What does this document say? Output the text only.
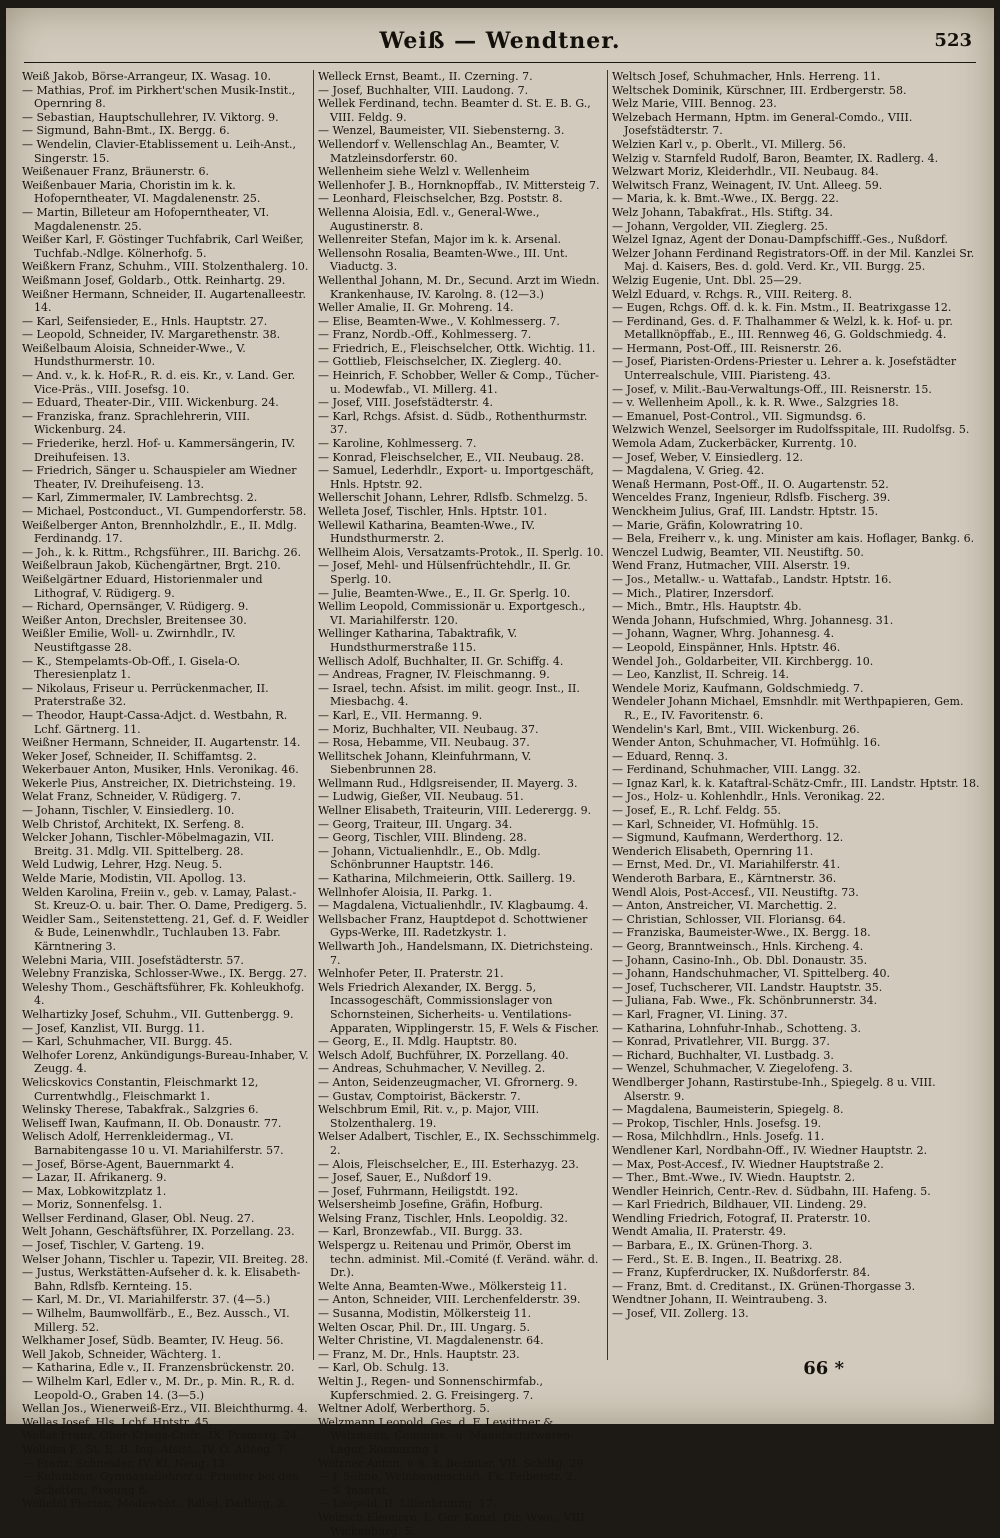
Weiß — Wendtner.	523

Weiß Jakob, Börse-Arrangeur, IX. Wasag. 10.

— Mathias, Prof. im Pirkhert'schen Musik-Instit., Opernring 8.

— Sebastian, Hauptschullehrer, IV. Viktorg. 9.

— Sigmund, Bahn-Bmt., IX. Bergg. 6.

— Wendelin, Clavier-Etablissement u. Leih-Anst., Singerstr. 15.

Weißenauer Franz, Bräunerstr. 6.

Weißenbauer Maria, Choristin im k. k. Hofoperntheater, VI. Magdalenenstr. 25.

— Martin, Billeteur am Hofoperntheater, VI. Magdalenenstr. 25.

Weißer Karl, F. Göstinger Tuchfabrik, Carl Weißer, Tuchfab.-Ndlge. Kölnerhofg. 5.

Weißkern Franz, Schuhm., VIII. Stolzenthalerg. 10.

Weißmann Josef, Goldarb., Ottk. Reinhartg. 29.

Weißner Hermann, Schneider, II. Augartenalleestr. 14.

— Karl, Seifensieder, E., Hnls. Hauptstr. 27.

— Leopold, Schneider, IV. Margarethenstr. 38.

Weißelbaum Aloisia, Schneider-Wwe., V. Hundsthurmerstr. 10.

— And. v., k. k. Hof-R., R. d. eis. Kr., v. Land. Ger. Vice-Präs., VIII. Josefsg. 10.

— Eduard, Theater-Dir., VIII. Wickenburg. 24.

— Franziska, franz. Sprachlehrerin, VIII. Wickenburg. 24.

— Friederike, herzl. Hof- u. Kammersängerin, IV. Dreihufeisen. 13.

— Friedrich, Sänger u. Schauspieler am Wiedner Theater, IV. Dreihufeiseng. 13.

— Karl, Zimmermaler, IV. Lambrechtsg. 2.

— Michael, Postconduct., VI. Gumpendorferstr. 58.

Weißelberger Anton, Brennholzhdlr., E., II. Mdlg. Ferdinandg. 17.

— Joh., k. k. Rittm., Rchgsführer., III. Barichg. 26.

Weißelbraun Jakob, Küchengärtner, Brgt. 210.

Weißelgärtner Eduard, Historienmaler und Lithograf, V. Rüdigerg. 9.

— Richard, Opernsänger, V. Rüdigerg. 9.

Weißer Anton, Drechsler, Breitensee 30.

Weißler Emilie, Woll- u. Zwirnhdlr., IV. Neustiftgasse 28.

— K., Stempelamts-Ob-Off., I. Gisela-O. Theresienplatz 1.

— Nikolaus, Friseur u. Perrückenmacher, II. Praterstraße 32.

— Theodor, Haupt-Cassa-Adjct. d. Westbahn, R. Lchf. Gärtnerg. 11.

Weißner Hermann, Schneider, II. Augartenstr. 14.

Weker Josef, Schneider, II. Schiffamtsg. 2.

Wekerbauer Anton, Musiker, Hnls. Veronikag. 46.

Wekerle Pius, Anstreicher, IX. Dietrichsteing. 19.

Welat Franz, Schneider, V. Rüdigerg. 7.

— Johann, Tischler, V. Einsiedlerg. 10.

Welb Christof, Architekt, IX. Serfeng. 8.

Welcker Johann, Tischler-Möbelmagazin, VII. Breitg. 31. Mdlg. VII. Spittelberg. 28.

Weld Ludwig, Lehrer, Hzg. Neug. 5.

Welde Marie, Modistin, VII. Apollog. 13.

Welden Karolina, Freiin v., geb. v. Lamay, Palast.-St. Kreuz-O. u. bair. Ther. O. Dame, Predigerg. 5.

Weidler Sam., Seitenstetteng. 21, Gef. d. F. Weidler & Bude, Leinenwhdlr., Tuchlauben 13. Fabr. Kärntnering 3.

Welebni Maria, VIII. Josefstädterstr. 57.

Welebny Franziska, Schlosser-Wwe., IX. Bergg. 27.

Weleshy Thom., Geschäftsführer, Fk. Kohleukhofg. 4.

Welhartizky Josef, Schuhm., VII. Guttenbergg. 9.

— Josef, Kanzlist, VII. Burgg. 11.

— Karl, Schuhmacher, VII. Burgg. 45.

Welhofer Lorenz, Ankündigungs-Bureau-Inhaber, V. Zeugg. 4.

Welicskovics Constantin, Fleischmarkt 12, Currentwhdlg., Fleischmarkt 1.

Welinsky Therese, Tabakfrak., Salzgries 6.

Weliseff Iwan, Kaufmann, II. Ob. Donaustr. 77.

Welisch Adolf, Herrenkleidermag., VI. Barnabitengasse 10 u. VI. Mariahilferstr. 57.

— Josef, Börse-Agent, Bauernmarkt 4.

— Lazar, II. Afrikanerg. 9.

— Max, Lobkowitzplatz 1.

— Moriz, Sonnenfelsg. 1.

Wellser Ferdinand, Glaser, Obl. Neug. 27.

Welt Johann, Geschäftsführer, IX. Porzellang. 23.

— Josef, Tischler, V. Garteng. 19.

Welser Johann, Tischler u. Tapezir, VII. Breiteg. 28.

— Justus, Werkstätten-Aufseher d. k. k. Elisabeth-Bahn, Rdlsfb. Kernteing. 15.

— Karl, M. Dr., VI. Mariahilferstr. 37. (4—5.)

— Wilhelm, Baumwollfärb., E., Bez. Aussch., VI. Millerg. 52.

Welkhamer Josef, Südb. Beamter, IV. Heug. 56.

Well Jakob, Schneider, Wächterg. 1.

— Katharina, Edle v., II. Franzensbrückenstr. 20.

— Wilhelm Karl, Edler v., M. Dr., p. Min. R., R. d. Leopold-O., Graben 14. (3—5.)

Wellan Jos., Wienerweiß-Erz., VII. Bleichthurmg. 4.

Wellas Josef, Hls. Lchf. Hptstr. 45.

Wellat Franz, Ober-Kriegs-Cmfr., IX. Pramerg. 24.

Welleba F., St. E. B. Ing.-Afsist., IV. Ö. Alleeg. 7.

— Franz, Schneider, IV. Kl. Neug. 12.

— Kolumban, Gymnasiallehrer u. Priester bei den Schotten, Freiung 6.

Wellebil Florian, Modewbkt., Rdlsd. Dadlerg. 3.

Welleck Ernst, Beamt., II. Czerning. 7.

— Josef, Buchhalter, VIII. Laudong. 7.

Wellek Ferdinand, techn. Beamter d. St. E. B. G., VIII. Feldg. 9.

— Wenzel, Baumeister, VII. Siebensterng. 3.

Wellendorf v. Wellenschlag An., Beamter, V. Matzleinsdorferstr. 60.

Wellenheim siehe Welzl v. Wellenheim

Wellenhofer J. B., Hornknopffab., IV. Mittersteig 7.

— Leonhard, Fleischselcher, Bzg. Poststr. 8.

Wellenna Aloisia, Edl. v., General-Wwe., Augustinerstr. 8.

Wellenreiter Stefan, Major im k. k. Arsenal.

Wellensohn Rosalia, Beamten-Wwe., III. Unt. Viaductg. 3.

Wellenthal Johann, M. Dr., Secund. Arzt im Wiedn. Krankenhause, IV. Karolng. 8. (12—3.)

Weller Amalie, II. Gr. Mohreng. 14.

— Elise, Beamten-Wwe., V. Kohlmesserg. 7.

— Franz, Nordb.-Off., Kohlmesserg. 7.

— Friedrich, E., Fleischselcher, Ottk. Wichtig. 11.

— Gottlieb, Fleischselcher, IX. Zieglerg. 40.

— Heinrich, F. Schobber, Weller & Comp., Tücher-u. Modewfab., VI. Millerg. 41.

— Josef, VIII. Josefstädterstr. 4.

— Karl, Rchgs. Afsist. d. Südb., Rothenthurmstr. 37.

— Karoline, Kohlmesserg. 7.

— Konrad, Fleischselcher, E., VII. Neubaug. 28.

— Samuel, Lederhdlr., Export- u. Importgeschäft, Hnls. Hptstr. 92.

Wellerschit Johann, Lehrer, Rdlsfb. Schmelzg. 5.

Welleta Josef, Tischler, Hnls. Hptstr. 101.

Wellewil Katharina, Beamten-Wwe., IV. Hundsthurmerstr. 2.

Wellheim Alois, Versatzamts-Protok., II. Sperlg. 10.

— Josef, Mehl- und Hülsenfrüchtehdlr., II. Gr. Sperlg. 10.

— Julie, Beamten-Wwe., E., II. Gr. Sperlg. 10.

Wellim Leopold, Commissionär u. Exportgesch., VI. Mariahilferstr. 120.

Wellinger Katharina, Tabaktrafik, V. Hundsthurmerstraße 115.

Wellisch Adolf, Buchhalter, II. Gr. Schiffg. 4.

— Andreas, Fragner, IV. Fleischmanng. 9.

— Israel, techn. Afsist. im milit. geogr. Inst., II. Miesbachg. 4.

— Karl, E., VII. Hermanng. 9.

— Moriz, Buchhalter, VII. Neubaug. 37.

— Rosa, Hebamme, VII. Neubaug. 37.

Wellitschek Johann, Kleinfuhrmann, V. Siebenbrunnen 28.

Wellmann Rud., Hdlgsreisender, II. Mayerg. 3.

— Ludwig, Gießer, VII. Neubaug. 51.

Wellner Elisabeth, Traiteurin, VIII. Lederergg. 9.

— Georg, Traiteur, III. Ungarg. 34.

— Georg, Tischler, VIII. Blindeng. 28.

— Johann, Victualienhdlr., E., Ob. Mdlg. Schönbrunner Hauptstr. 146.

— Katharina, Milchmeierin, Ottk. Saillerg. 19.

Wellnhofer Aloisia, II. Parkg. 1.

— Magdalena, Victualienhdlr., IV. Klagbaumg. 4.

Wellsbacher Franz, Hauptdepot d. Schottwiener Gyps-Werke, III. Radetzkystr. 1.

Wellwarth Joh., Handelsmann, IX. Dietrichsteing. 7.

Welnhofer Peter, II. Praterstr. 21.

Wels Friedrich Alexander, IX. Bergg. 5, Incassogeschäft, Commissionslager von Schornsteinen, Sicherheits- u. Ventilations-Apparaten, Wipplingerstr. 15, F. Wels & Fischer.

— Georg, E., II. Mdlg. Hauptstr. 80.

Welsch Adolf, Buchführer, IX. Porzellang. 40.

— Andreas, Schuhmacher, V. Nevilleg. 2.

— Anton, Seidenzeugmacher, VI. Gfrornerg. 9.

— Gustav, Comptoirist, Bäckerstr. 7.

Welschbrum Emil, Rit. v., p. Major, VIII. Stolzenthalerg. 19.

Welser Adalbert, Tischler, E., IX. Sechsschimmelg. 2.

— Alois, Fleischselcher, E., III. Esterhazyg. 23.

— Josef, Sauer, E., Nußdorf 19.

— Josef, Fuhrmann, Heiligstdt. 192.

Welsersheimb Josefine, Gräfin, Hofburg.

Welsing Franz, Tischler, Hnls. Leopoldig. 32.

— Karl, Bronzewfab., VII. Burgg. 33.

Welspergz u. Reitenau und Primör, Oberst im techn. administ. Mil.-Comité (f. Veränd. währ. d. Dr.).

Welte Anna, Beamten-Wwe., Mölkersteig 11.

— Anton, Schneider, VIII. Lerchenfelderstr. 39.

— Susanna, Modistin, Mölkersteig 11.

Welten Oscar, Phil. Dr., III. Ungarg. 5.

Welter Christine, VI. Magdalenenstr. 64.

— Franz, M. Dr., Hnls. Hauptstr. 23.

— Karl, Ob. Schulg. 13.

Weltin J., Regen- und Sonnenschirmfab., Kupferschmied. 2. G. Freisingerg. 7.

Weltner Adolf, Werberthorg. 5.

Welzmann Leopold, Ges. d. F. Lewittner & Welzmann, Commiss.- u. Manufacturwaren-Lager, Rosmaring 1.

Welzner Anton, v. k. k. Beamter, VII. Schiltg. 29.

— J. Söhne, Weinbaugeschäft, Fk. Felberstr. 2.

— S. Inserat.

— Leopold, II. Lilienbrunng. 17.

Welzsch Eleonore, L. Ger. Kanzl. Dir. Wwe., VIII. Wickenburg. 5.

Weltsch Josef, Schuhmacher, Hnls. Herreng. 11.

Weltschek Dominik, Kürschner, III. Erdbergerstr. 58.

Welz Marie, VIII. Bennog. 23.

Welzebach Hermann, Hptm. im General-Comdo., VIII. Josefstädterstr. 7.

Welzien Karl v., p. Oberlt., VI. Millerg. 56.

Welzig v. Starnfeld Rudolf, Baron, Beamter, IX. Radlerg. 4.

Welzwart Moriz, Kleiderhdlr., VII. Neubaug. 84.

Welwitsch Franz, Weinagent, IV. Unt. Alleeg. 59.

— Maria, k. k. Bmt.-Wwe., IX. Bergg. 22.

Welz Johann, Tabakfrat., Hls. Stiftg. 34.

— Johann, Vergolder, VII. Zieglerg. 25.

Welzel Ignaz, Agent der Donau-Dampfschifff.-Ges., Nußdorf.

Welzer Johann Ferdinand Registrators-Off. in der Mil. Kanzlei Sr. Maj. d. Kaisers, Bes. d. gold. Verd. Kr., VII. Burgg. 25.

Welzig Eugenie, Unt. Dbl. 25—29.

Welzl Eduard, v. Rchgs. R., VIII. Reiterg. 8.

— Eugen, Rchgs. Off. d. k. k. Fin. Mstm., II. Beatrixgasse 12.

— Ferdinand, Ges. d. F. Thalhammer & Welzl, k. k. Hof- u. pr. Metallknöpffab., E., III. Rennweg 46, G. Goldschmiedg. 4.

— Hermann, Post-Off., III. Reisnerstr. 26.

— Josef, Piaristen-Ordens-Priester u. Lehrer a. k. Josefstädter Unterrealschule, VIII. Piaristeng. 43.

— Josef, v. Milit.-Bau-Verwaltungs-Off., III. Reisnerstr. 15.

— v. Wellenheim Apoll., k. k. R. Wwe., Salzgries 18.

— Emanuel, Post-Control., VII. Sigmundsg. 6.

Welzwich Wenzel, Seelsorger im Rudolfsspitale, III. Rudolfsg. 5.

Wemola Adam, Zuckerbäcker, Kurrentg. 10.

— Josef, Weber, V. Einsiedlerg. 12.

— Magdalena, V. Grieg. 42.

Wenaß Hermann, Post-Off., II. O. Augartenstr. 52.

Wenceldes Franz, Ingenieur, Rdlsfb. Fischerg. 39.

Wenckheim Julius, Graf, III. Landstr. Hptstr. 15.

— Marie, Gräfin, Kolowratring 10.

— Bela, Freiherr v., k. ung. Minister am kais. Hoflager, Bankg. 6.

Wenczel Ludwig, Beamter, VII. Neustiftg. 50.

Wend Franz, Hutmacher, VIII. Alserstr. 19.

— Jos., Metallw.- u. Wattafab., Landstr. Hptstr. 16.

— Mich., Platirer, Inzersdorf.

— Mich., Bmtr., Hls. Hauptstr. 4b.

Wenda Johann, Hufschmied, Whrg. Johannesg. 31.

— Johann, Wagner, Whrg. Johannesg. 4.

— Leopold, Einspänner, Hnls. Hptstr. 46.

Wendel Joh., Goldarbeiter, VII. Kirchbergg. 10.

— Leo, Kanzlist, II. Schreig. 14.

Wendele Moriz, Kaufmann, Goldschmiedg. 7.

Wendeler Johann Michael, Emsnhdlr. mit Werthpapieren, Gem. R., E., IV. Favoritenstr. 6.

Wendelin's Karl, Bmt., VIII. Wickenburg. 26.

Wender Anton, Schuhmacher, VI. Hofmühlg. 16.

— Eduard, Rennq. 3.

— Ferdinand, Schuhmacher, VIII. Langg. 32.

— Ignaz Karl, k. k. Kataftral-Schätz-Cmfr., III. Landstr. Hptstr. 18.

— Jos., Holz- u. Kohlenhdlr., Hnls. Veronikag. 22.

— Josef, E., R. Lchf. Feldg. 55.

— Karl, Schneider, VI. Hofmühlg. 15.

— Sigmund, Kaufmann, Werderthorg. 12.

Wenderich Elisabeth, Opernring 11.

— Ernst, Med. Dr., VI. Mariahilferstr. 41.

Wenderoth Barbara, E., Kärntnerstr. 36.

Wendl Alois, Post-Accesf., VII. Neustiftg. 73.

— Anton, Anstreicher, VI. Marchettig. 2.

— Christian, Schlosser, VII. Floriansg. 64.

— Franziska, Baumeister-Wwe., IX. Bergg. 18.

— Georg, Branntweinsch., Hnls. Kircheng. 4.

— Johann, Casino-Inh., Ob. Dbl. Donaustr. 35.

— Johann, Handschuhmacher, VI. Spittelberg. 40.

— Josef, Tuchscherer, VII. Landstr. Hauptstr. 35.

— Juliana, Fab. Wwe., Fk. Schönbrunnerstr. 34.

— Karl, Fragner, VI. Lining. 37.

— Katharina, Lohnfuhr-Inhab., Schotteng. 3.

— Konrad, Privatlehrer, VII. Burgg. 37.

— Richard, Buchhalter, VI. Lustbadg. 3.

— Wenzel, Schuhmacher, V. Ziegelofeng. 3.

Wendlberger Johann, Rastirstube-Inh., Spiegelg. 8 u. VIII. Alserstr. 9.

— Magdalena, Baumeisterin, Spiegelg. 8.

— Prokop, Tischler, Hnls. Josefsg. 19.

— Rosa, Milchhdlrn., Hnls. Josefg. 11.

Wendlener Karl, Nordbahn-Off., IV. Wiedner Hauptstr. 2.

— Max, Post-Accesf., IV. Wiedner Hauptstraße 2.

— Ther., Bmt.-Wwe., IV. Wiedn. Hauptstr. 2.

Wendler Heinrich, Centr.-Rev. d. Südbahn, III. Hafeng. 5.

— Karl Friedrich, Bildhauer, VII. Lindeng. 29.

Wendling Friedrich, Fotograf, II. Praterstr. 10.

Wendt Amalia, II. Praterstr. 49.

— Barbara, E., IX. Grünen-Thorg. 3.

— Ferd., St. E. B. Ingen., II. Beatrixg. 28.

— Franz, Kupferdrucker, IX. Nußdorferstr. 84.

— Franz, Bmt. d. Creditanst., IX. Grünen-Thorgasse 3.

Wendtner Johann, II. Weintraubeng. 3.

— Josef, VII. Zollerg. 13.

66 *
